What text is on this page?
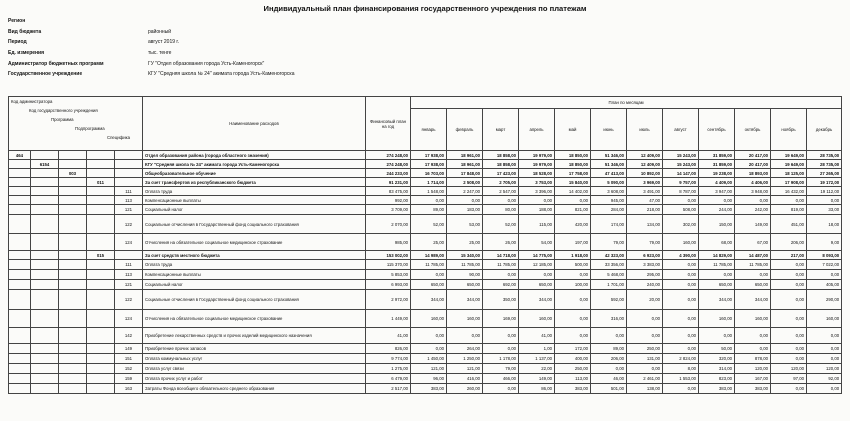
Индивидуальный план финансирования государственного учреждения по платежам
Регион
Вид бюджета	районный
Период	август 2019 г.
Ед. измерения	тыс. тенге
Администратор бюджетных программ	ГУ "Отдел образования города Усть-Каменогорск"
Государственное учреждение	КГУ "Средняя школа № 24" акимата города Усть-Каменогорска
Код администратора
Код государственного учреждения
Программа
Подпрограмма
Специфика					Наименование расходов	Финансовый план на год	План по месяцам											
							январь	февраль	март	апрель	май	июнь	июль	август	сентябрь	октябрь	ноябрь	декабрь
464					Отдел образования района (города областного значения)	274 248,00	17 938,00	18 961,00	18 858,00	19 979,00	18 850,00	51 346,00	12 409,00	15 243,00	31 859,00	20 417,00	19 649,00	28 735,00
	6154				КГУ "Средняя школа № 24" акимата города Усть-Каменогорска	274 248,00	17 938,00	18 961,00	18 858,00	19 979,00	18 850,00	51 346,00	12 409,00	15 243,00	31 859,00	20 417,00	19 649,00	28 735,00
		003			Общеобразовательное обучение	244 233,00	16 703,00	17 848,00	17 423,00	18 528,00	17 758,00	47 413,00	10 892,00	14 147,00	19 238,00	18 893,00	18 125,00	27 265,00
			011		За счет трансфертов из республиканского бюджета	91 231,00	1 714,00	2 508,00	2 705,00	3 753,00	15 840,00	5 090,00	3 969,00	9 757,00	4 409,00	4 406,00	17 908,00	19 172,00
				111	Оплата труда	83 475,00	1 548,00	2 247,00	2 547,00	3 396,00	14 402,00	3 608,00	3 491,00	8 787,00	3 947,00	3 948,00	16 432,00	19 112,00
				113	Компенсационные выплаты	992,00	0,00	0,00	0,00	0,00	0,00	945,00	47,00	0,00	0,00	0,00	0,00	0,00
				121	Социальный налог	3 709,00	89,00	183,00	80,00	188,00	821,00	284,00	218,00	508,00	244,00	242,00	819,00	33,00
				122	Социальные отчисления в Государственный фонд социального страхования	2 070,00	52,00	53,00	52,00	115,00	420,00	174,00	134,00	302,00	150,00	149,00	451,00	18,00
				124	Отчисления на обязательное социальное медицинское страхование	985,00	25,00	25,00	26,00	54,00	197,00	79,00	79,00	160,00	68,00	67,00	206,00	9,00
			015		За счет средств местного бюджета	153 002,00	14 989,00	15 340,00	14 718,00	14 775,00	1 918,00	42 323,00	6 923,00	4 390,00	14 829,00	14 487,00	217,00	8 093,00
				111	Оплата труда	115 370,00	11 785,00	11 785,00	11 785,00	12 185,00	500,00	33 356,00	3 383,00	0,00	11 785,00	11 785,00	0,00	7 022,00
				113	Компенсационные выплаты	5 853,00	0,00	90,00	0,00	0,00	0,00	5 468,00	295,00	0,00	0,00	0,00	0,00	0,00
				121	Социальный налог	6 993,00	650,00	650,00	692,00	650,00	100,00	1 701,00	240,00	0,00	650,00	650,00	0,00	405,00
				122	Социальные отчисления в Государственный фонд социального страхования	2 972,00	344,00	344,00	350,00	344,00	0,00	592,00	20,00	0,00	344,00	344,00	0,00	290,00
				124	Отчисления на обязательное социальное медицинское страхование	1 449,00	160,00	160,00	169,00	160,00	0,00	316,00	0,00	0,00	160,00	160,00	0,00	160,00
				142	Приобретение лекарственных средств и прочих изделий медицинского назначения	41,00	0,00	0,00	0,00	41,00	0,00	0,00	0,00	0,00	0,00	0,00	0,00	0,00
				149	Приобретение прочих запасов	826,00	0,00	264,00	0,00	1,00	172,00	89,00	250,00	0,00	50,00	0,00	0,00	0,00
				151	Оплата коммунальных услуг	9 774,00	1 450,00	1 250,00	1 178,00	1 137,00	400,00	206,00	131,00	2 824,00	320,00	878,00	0,00	0,00
				152	Оплата услуг связи	1 275,00	121,00	121,00	79,00	22,00	250,00	0,00	0,00	8,00	314,00	120,00	120,00	120,00
				159	Оплата прочих услуг и работ	6 479,00	96,00	416,00	466,00	149,00	113,00	46,00	2 461,00	1 553,00	823,00	167,00	97,00	92,00
				163	Затраты Фонда всеобщего обязательного среднего образования	2 517,00	383,00	260,00	0,00	86,00	383,00	501,00	138,00	0,00	383,00	383,00	0,00	0,00
